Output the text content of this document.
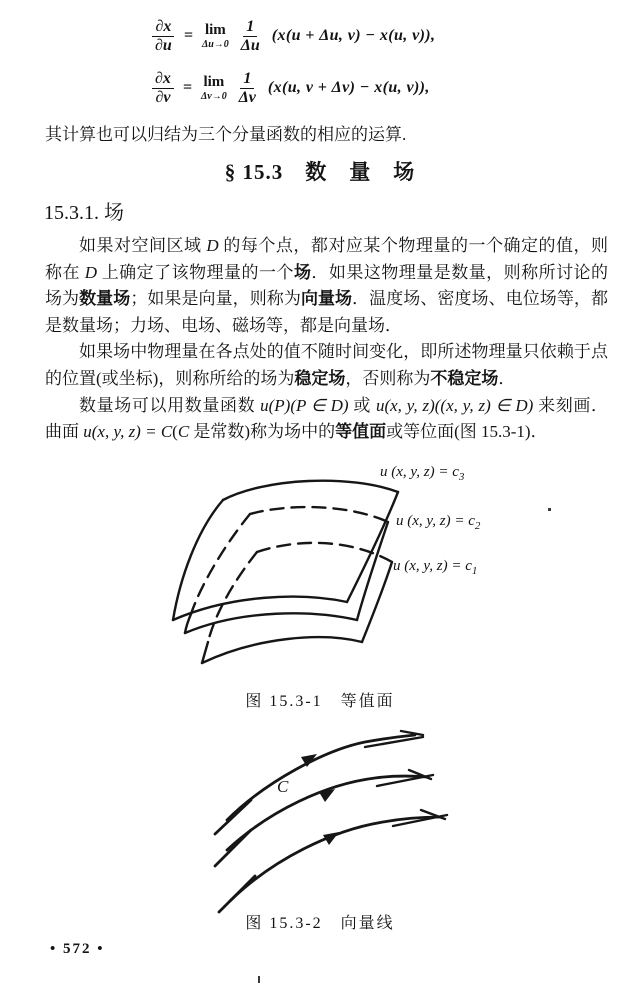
$\frac{\partial x}{\partial u} = \lim$
$\Delta u\to 0 \frac{1}{\Delta u} (x(u + \Delta u$, v) − x(u, v)),
$\frac{\partial x}{\partial v} = \lim$
$\Delta v\to 0 \frac{1}{\Delta v} (x(u$, v + Δv) − x(u, v)),
其计算也可以归结为三个分量函数的相应的运算.
§ 15.3　数　量　场
15.3.1. 场

如果对空间区域 D 的每个点，都对应某个物理量的一个确定的值，则称在 D 上确定了该物理量的一个场．如果这物理量是数量，则称所讨论的场为数量场；如果是向量，则称为向量场．温度场、密度场、电位场等，都是数量场；力场、电场、磁场等，都是向量场．

如果场中物理量在各点处的值不随时间变化，即所述物理量只依赖于点的位置(或坐标)，则称所给的场为稳定场，否则称为不稳定场．

数量场可以用数量函数 u(P)(P ∈ D) 或 u(x, y, z)((x, y, z) ∈ D) 来刻画．曲面 u(x, y, z) = C(C 是常数)称为场中的等值面或等位面(图 15.3-1)．

u (x, y, $z) = c_3$
u (x, y, $z) = c_2$
u (x, y, $z) = c_1$
图 15.3-1　等值面
C
图 15.3-2　向量线
• 572 •
